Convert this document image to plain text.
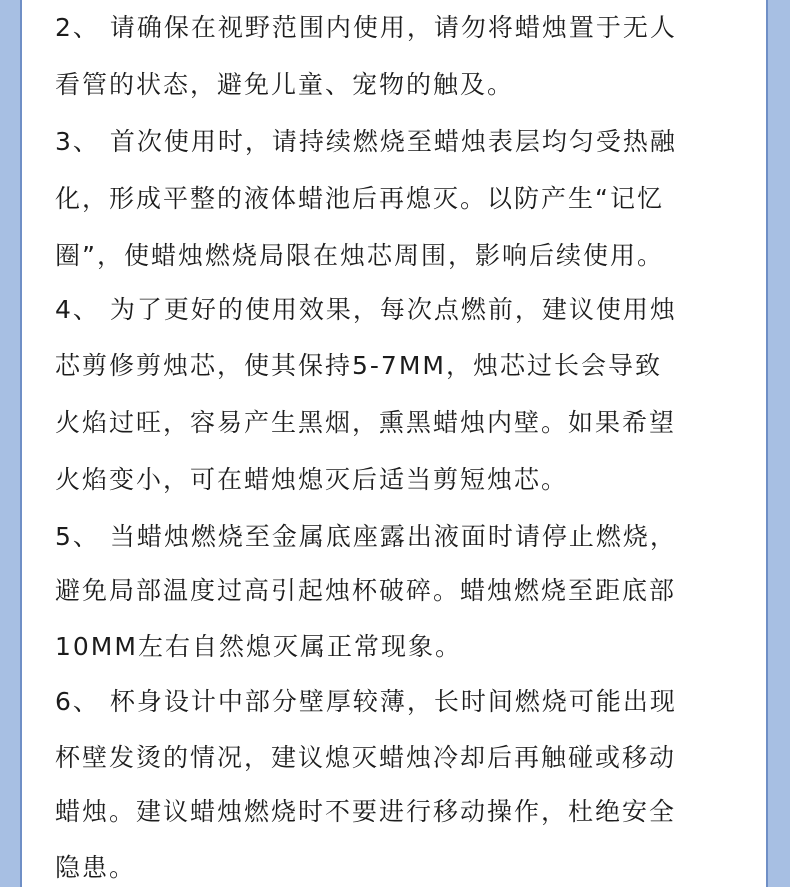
2、 请确保在视野范围内使用，请勿将蜡烛置于无人
看管的状态，避免儿童、宠物的触及。
3、 首次使用时，请持续燃烧至蜡烛表层均匀受热融
化，形成平整的液体蜡池后再熄灭。以防产生“记忆
圈”，使蜡烛燃烧局限在烛芯周围，影响后续使用。
4、 为了更好的使用效果，每次点燃前，建议使用烛
芯剪修剪烛芯，使其保持5-7MM，烛芯过长会导致
火焰过旺，容易产生黑烟，熏黑蜡烛内壁。如果希望
火焰变小，可在蜡烛熄灭后适当剪短烛芯。
5、 当蜡烛燃烧至金属底座露出液面时请停止燃烧，
避免局部温度过高引起烛杯破碎。蜡烛燃烧至距底部
10MM左右自然熄灭属正常现象。
6、 杯身设计中部分壁厚较薄，长时间燃烧可能出现
杯壁发烫的情况，建议熄灭蜡烛冷却后再触碰或移动
蜡烛。建议蜡烛燃烧时不要进行移动操作，杜绝安全
隐患。
